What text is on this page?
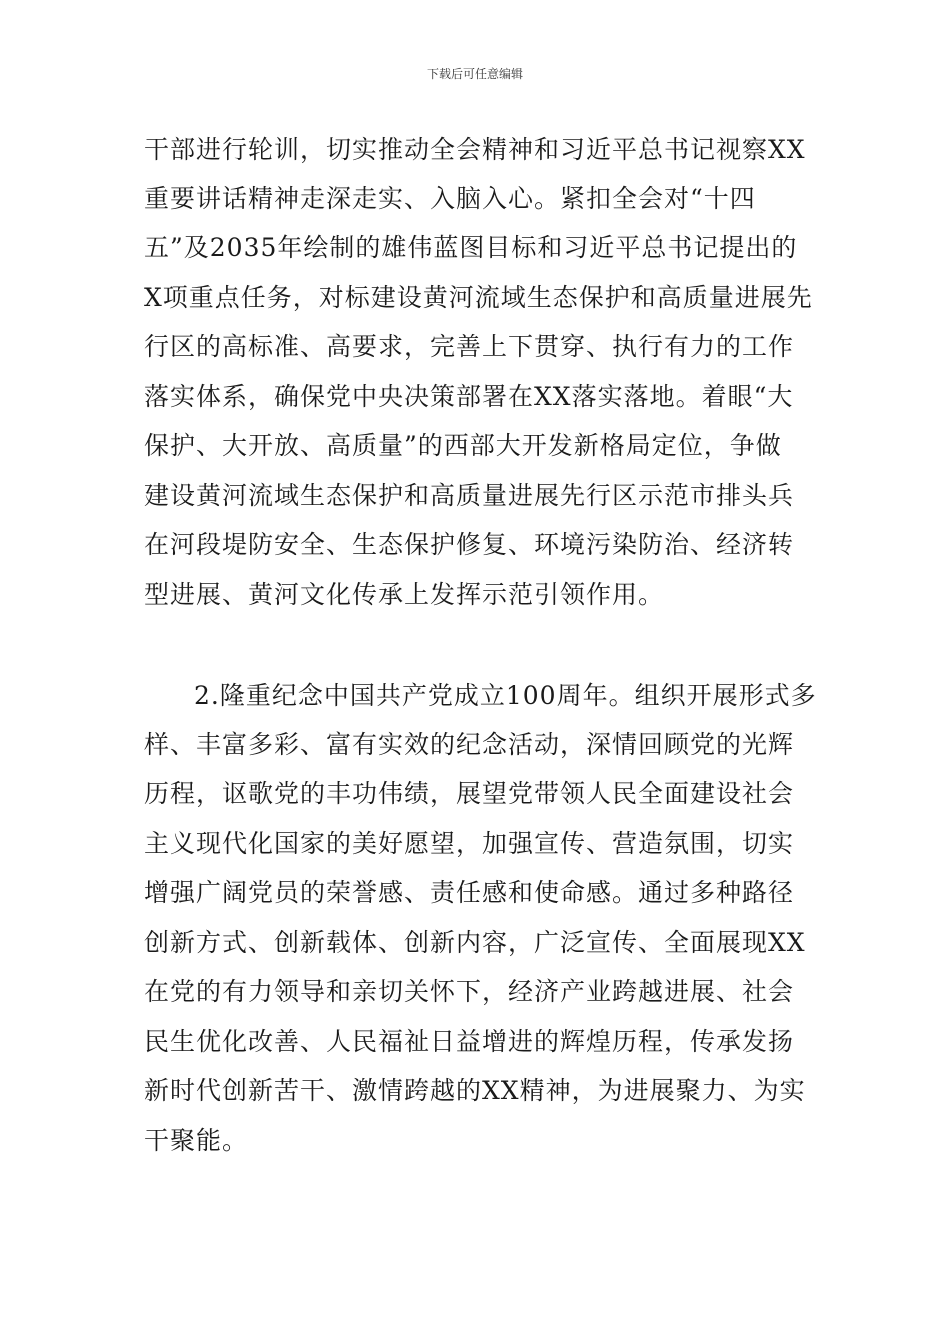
下载后可任意编辑
干部进行轮训，切实推动全会精神和习近平总书记视察XX
重要讲话精神走深走实、入脑入心。紧扣全会对“十四
五”及2035年绘制的雄伟蓝图目标和习近平总书记提出的
X项重点任务，对标建设黄河流域生态保护和高质量进展先
行区的高标准、高要求，完善上下贯穿、执行有力的工作
落实体系，确保党中央决策部署在XX落实落地。着眼“大
保护、大开放、高质量”的西部大开发新格局定位，争做
建设黄河流域生态保护和高质量进展先行区示范市排头兵
在河段堤防安全、生态保护修复、环境污染防治、经济转
型进展、黄河文化传承上发挥示范引领作用。
2.隆重纪念中国共产党成立100周年。组织开展形式多
样、丰富多彩、富有实效的纪念活动，深情回顾党的光辉
历程，讴歌党的丰功伟绩，展望党带领人民全面建设社会
主义现代化国家的美好愿望，加强宣传、营造氛围，切实
增强广阔党员的荣誉感、责任感和使命感。通过多种路径
创新方式、创新载体、创新内容，广泛宣传、全面展现XX
在党的有力领导和亲切关怀下，经济产业跨越进展、社会
民生优化改善、人民福祉日益增进的辉煌历程，传承发扬
新时代创新苦干、激情跨越的XX精神，为进展聚力、为实
干聚能。
